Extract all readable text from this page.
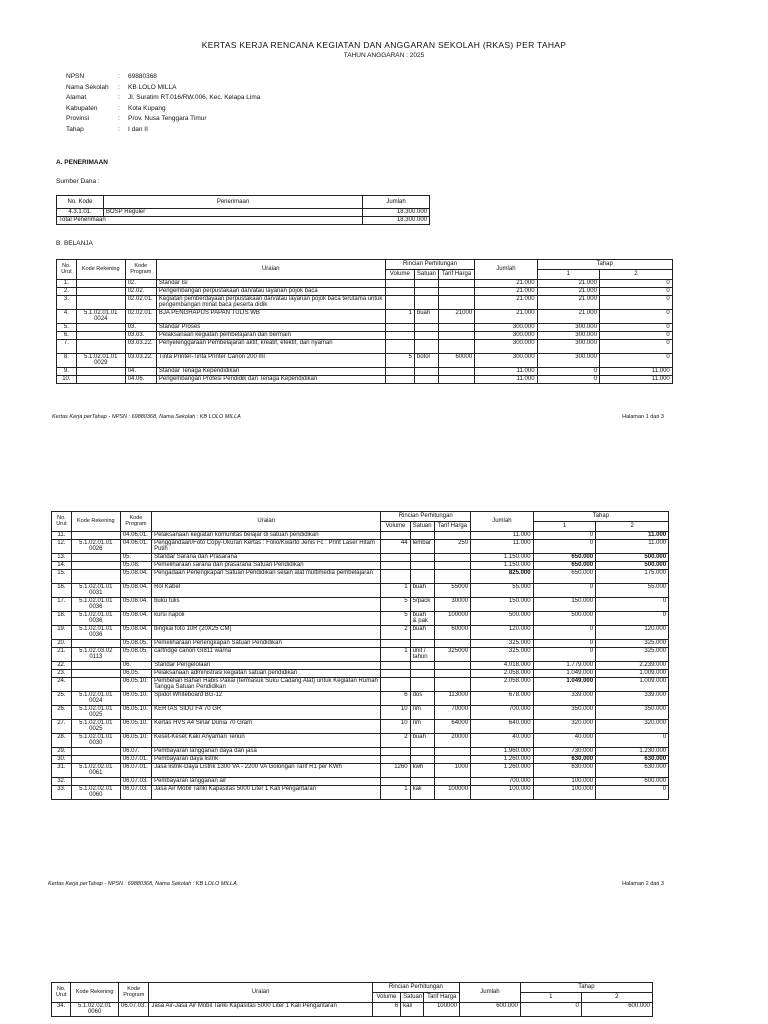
KERTAS KERJA RENCANA KEGIATAN DAN ANGGARAN SEKOLAH (RKAS) PER TAHAP
TAHUN ANGGARAN : 2025
NPSN	:	69880368
Nama Sekolah	:	KB LOLO MILLA
Alamat	:	Jl. Suratim RT.016/RW.006, Kec. Kelapa Lima
Kabupaten	:	Kota Kupang
Provinsi	:	Prov. Nusa Tenggara Timur
Tahap	:	I dan II
A. PENERIMAAN
Sumber Dana :
No. Kode	Penerimaan	Jumlah
4.3.1.01.	BOSP Reguler	18.300.000
Total Penerimaan		18.300.000
B. BELANJA
No. Urut	Kode Rekening	Kode Program	Uraian	Rincian Perhitungan			Jumlah	Tahap	
				Volume	Satuan	Tarif Harga		1	2
1.		02.	Standar Isi				21.000	21.000	0
2.		02.02.	Pengembangan perpustakaan dan/atau layanan pojok baca				21.000	21.000	0
3.		02.02.01.	Kegiatan pemberdayaan perpustakaan dan/atau layanan pojok baca terutama untuk pengembangan minat baca peserta didik				21.000	21.000	0
4.	5.1.02.01.01 0024	02.02.01.	BJA PENGHAPUS PAPAN TULIS WB	1	buah	21000	21.000	21.000	0
5.		03.	Standar Proses				300.000	300.000	0
6.		03.03.	Pelaksanaan kegiatan pembelajaran dan bermain				300.000	300.000	0
7.		03.03.22.	Penyelenggaraan Pembelajaran aktif, kreatif, efektif, dan nyaman				300.000	300.000	0
8.	5.1.02.01.01 0029	03.03.22.	Tinta Printer-Tinta Printer Canon 200 ml	5	botol	60000	300.000	300.000	0
9.		04.	Standar Tenaga Kependidikan				11.000	0	11.000
10.		04.06.	Pengembangan Profesi Pendidik dan Tenaga Kependidikan				11.000	0	11.000
Kertas Kerja perTahap - NPSN : 69880368, Nama Sekolah : KB LOLO MILLA	Halaman 1 dari 3
No. Urut	Kode Rekening	Kode Program	Uraian	Rincian Perhitungan			Jumlah	Tahap	
				Volume	Satuan	Tarif Harga		1	2
11.		04.06.01.	Pelaksanaan kegiatan komunitas belajar di satuan pendidikan				11.000	0	11.000
12.	5.1.02.01.01 0026	04.06.01.	Penggandaan/Foto Copy-Ukuran Kertas : Folio/Kwarto Jenis Fc : Print Laser Hitam Putih	44	lembar	250	11.000	0	11.000
13.		05.	Standar Sarana dan Prasarana				1.150.000	650.000	500.000
14.		05.08.	Pemeliharaan sarana dan prasarana Satuan Pendidikan				1.150.000	650.000	500.000
15.		05.08.04.	Pengadaan Perlengkapan Satuan Pendidikan selain alat multimedia pembelajaran				825.000	650.000	175.000
16.	5.1.02.01.01 0031	05.08.04.	Rol Kabel	1	buah	55000	55.000	0	55.000
17.	5.1.02.01.01 0036	05.08.04.	buku tulis	5	5/pack	30000	150.000	150.000	0
18.	5.1.02.01.01 0036	05.08.04.	kursi napoli	5	buah & pak	100000	500.000	500.000	0
19.	5.1.02.01.01 0036	05.08.04.	bingkai foto 10R (20X25 CM)	2	buah	60000	120.000	0	120.000
20.		05.08.05.	Pemeliharaan Perlengkapan Satuan Pendidikan				325.000	0	325.000
21.	5.1.02.03.02 0113	05.08.05.	cartridge canon GI811 warna	1	unit / tahun	325000	325.000	0	325.000
22.		06.	Standar Pengelolaan				4.018.000	1.779.000	2.239.000
23.		06.05.	Pelaksanaan administrasi kegiatan satuan pendidikan				2.058.000	1.049.000	1.009.000
24.		06.05.10.	Pembelian Bahan Habis Pakai (termasuk Suku Cadang Alat) untuk Kegiatan Rumah Tangga Satuan Pendidikan				2.058.000	1.049.000	1.009.000
25.	5.1.02.01.01 0024	06.05.10.	Spidol Whiteboard BG-12	6	dos	113000	678.000	339.000	339.000
26.	5.1.02.01.01 0025	06.05.10.	KERTAS SIDU F4 70 GR	10	rim	70000	700.000	350.000	350.000
27.	5.1.02.01.01 0025	06.05.10.	Kertas HVS A4 Sinar Dunia 70 Gram	10	rim	64000	640.000	320.000	320.000
28.	5.1.02.01.01 0030	06.05.10.	Keset-Keset Kaki Anyaman Tenun	2	buah	20000	40.000	40.000	0
29.		06.07.	Pembayaran langganan daya dan jasa				1.960.000	730.000	1.230.000
30.		06.07.01.	Pembayaran daya listrik				1.260.000	630.000	630.000
31.	5.1.02.02.01 0061	06.07.01.	Jasa listrik-Daya Listrik 1300 VA - 2200 VA Golongan Tarif R1 per KWh	1260	kwh	1000	1.260.000	630.000	630.000
32.		06.07.03.	Pembayaran langganan air				700.000	100.000	600.000
33.	5.1.02.02.01 0060	06.07.03.	Jasa Air Mobil Tanki Kapasitas 5000 Liter 1 Kali Pengantaran	1	kali	100000	100.000	100.000	0
Kertas Kerja perTahap - NPSN : 69880368, Nama Sekolah : KB LOLO MILLA	Halaman 2 dari 3
No. Urut	Kode Rekening	Kode Program	Uraian	Rincian Perhitungan			Jumlah	Tahap	
				Volume	Satuan	Tarif Harga		1	2
34.	5.1.02.02.01 0060	06.07.03.	Jasa Air-Jasa Air Mobil Tanki Kapasitas 5000 Liter 1 Kali Pengantaran	6	kali	100000	600.000	0	600.000
